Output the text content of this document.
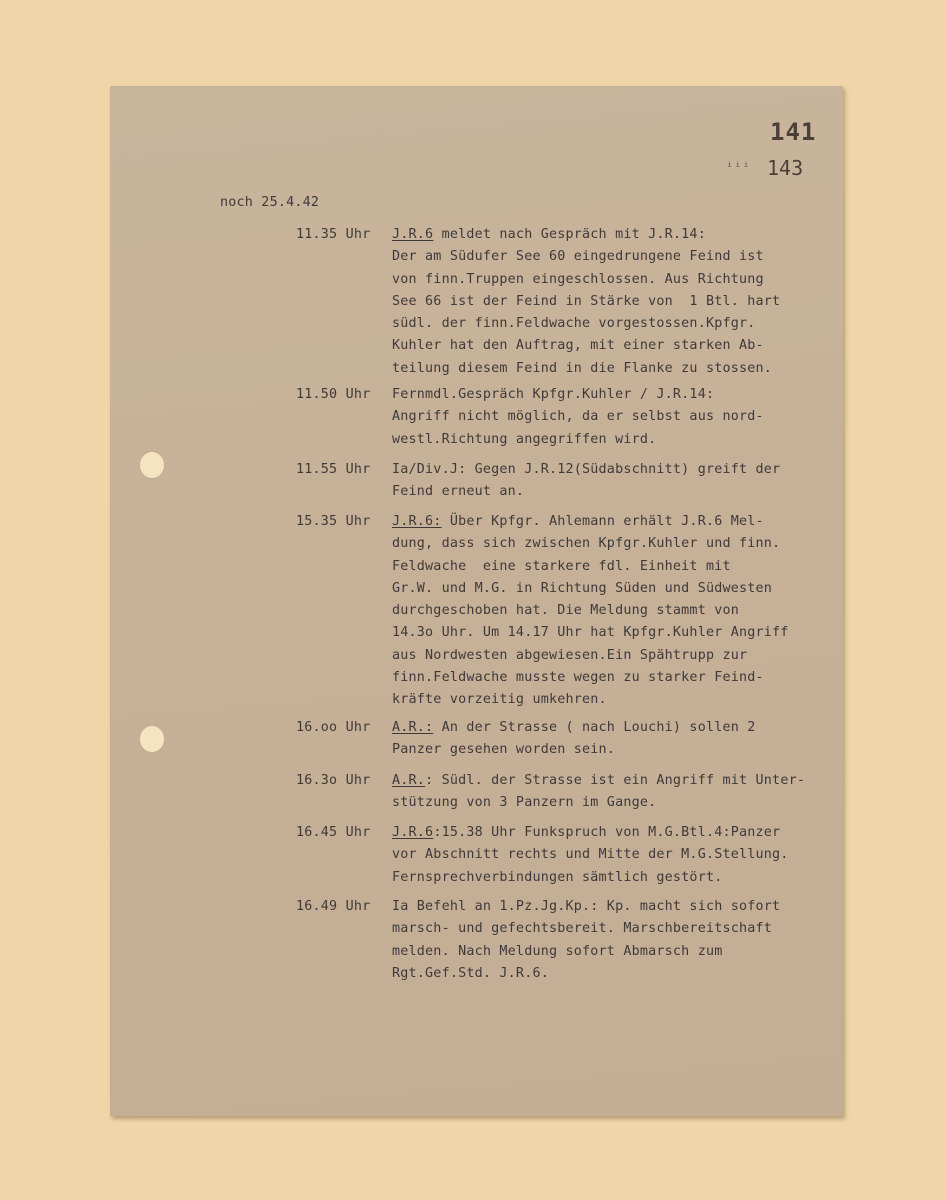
141
ᵢᵢᵢ 143
noch 25.4.42

11.35 Uhr

J.R.6 meldet nach Gespräch mit J.R.14:
Der am Südufer See 60 eingedrungene Feind ist
von finn.Truppen eingeschlossen. Aus Richtung
See 66 ist der Feind in Stärke von  1 Btl. hart
südl. der finn.Feldwache vorgestossen.Kpfgr.
Kuhler hat den Auftrag, mit einer starken Ab-
teilung diesem Feind in die Flanke zu stossen.

11.50 Uhr

Fernmdl.Gespräch Kpfgr.Kuhler / J.R.14:
Angriff nicht möglich, da er selbst aus nord-
westl.Richtung angegriffen wird.

11.55 Uhr

Ia/Div.J: Gegen J.R.12(Südabschnitt) greift der
Feind erneut an.

15.35 Uhr

J.R.6: Über Kpfgr. Ahlemann erhält J.R.6 Mel-
dung, dass sich zwischen Kpfgr.Kuhler und finn.
Feldwache  eine starkere fdl. Einheit mit
Gr.W. und M.G. in Richtung Süden und Südwesten
durchgeschoben hat. Die Meldung stammt von
14.3o Uhr. Um 14.17 Uhr hat Kpfgr.Kuhler Angriff
aus Nordwesten abgewiesen.Ein Spähtrupp zur
finn.Feldwache musste wegen zu starker Feind-
kräfte vorzeitig umkehren.

16.oo Uhr

A.R.: An der Strasse ( nach Louchi) sollen 2
Panzer gesehen worden sein.

16.3o Uhr

A.R.: Südl. der Strasse ist ein Angriff mit Unter-
stützung von 3 Panzern im Gange.

16.45 Uhr

J.R.6:15.38 Uhr Funkspruch von M.G.Btl.4:Panzer
vor Abschnitt rechts und Mitte der M.G.Stellung.
Fernsprechverbindungen sämtlich gestört.

16.49 Uhr

Ia Befehl an 1.Pz.Jg.Kp.: Kp. macht sich sofort
marsch- und gefechtsbereit. Marschbereitschaft
melden. Nach Meldung sofort Abmarsch zum
Rgt.Gef.Std. J.R.6.
